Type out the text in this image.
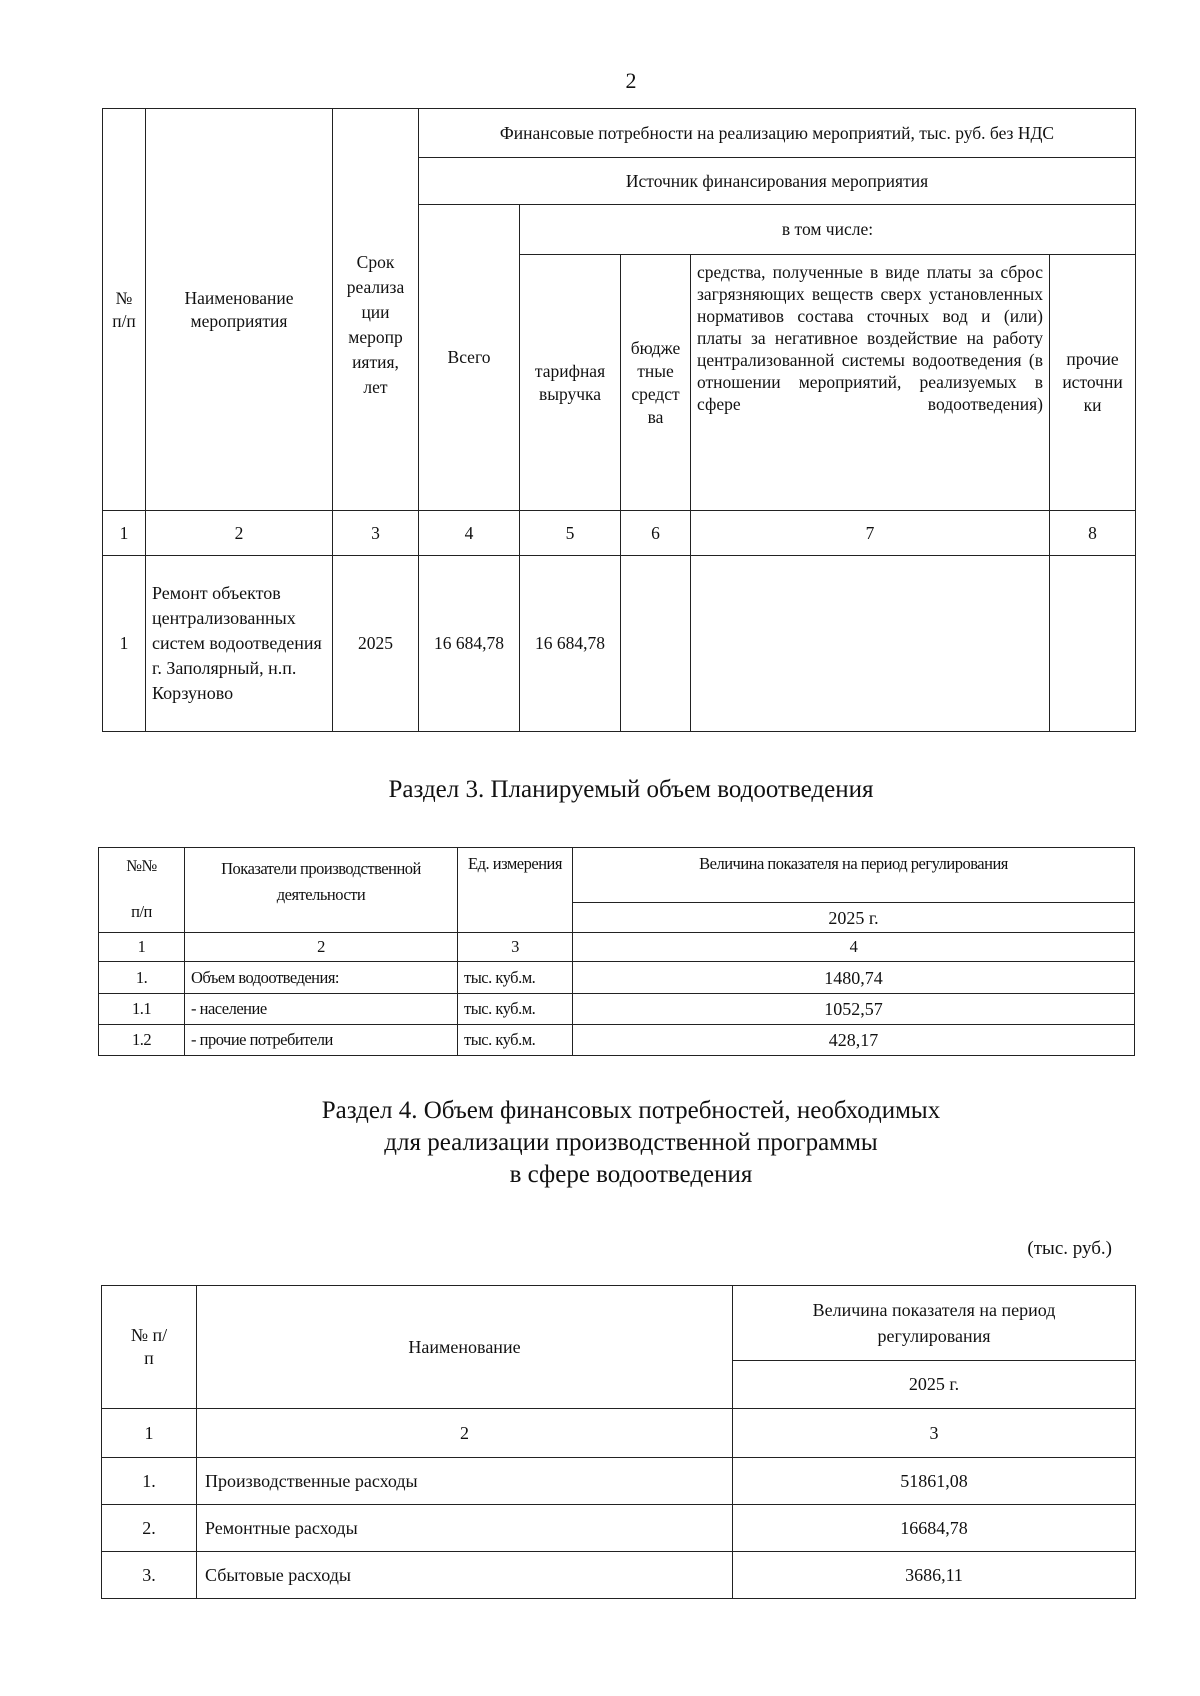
2
№ п/п	Наименование мероприятия	Срок реализа ции меропр иятия, лет	Финансовые потребности на реализацию мероприятий, тыс. руб. без НДС				
			Источник финансирования мероприятия				
			Всего	в том числе:			
				тарифная выручка	бюдже тные средст ва	средства, полученные в виде платы за сброс загрязняющих веществ сверх установленных нормативов состава сточных вод и (или) платы за негативное воздействие на работу централизованной системы водоотведения (в отношении мероприятий, реализуемых в сфере водоотведения)	прочие источни ки
1	2	3	4	5	6	7	8
1	Ремонт объектов централизованных систем водоотведения г. Заполярный, н.п. Корзуново	2025	16 684,78	16 684,78			
Раздел 3. Планируемый объем водоотведения
№№
п/п	Показатели производственной деятельности	Ед. измерения	Величина показателя на период регулирования
			2025 г.
1	2	3	4
1.	Объем водоотведения:	тыс. куб.м.	1480,74
1.1	- население	тыс. куб.м.	1052,57
1.2	- прочие потребители	тыс. куб.м.	428,17
Раздел 4. Объем финансовых потребностей, необходимых
для реализации производственной программы
в сфере водоотведения
(тыс. руб.)
№ п/п	Наименование	Величина показателя на период регулирования
		2025 г.
1	2	3
1.	Производственные расходы	51861,08
2.	Ремонтные расходы	16684,78
3.	Сбытовые расходы	3686,11
